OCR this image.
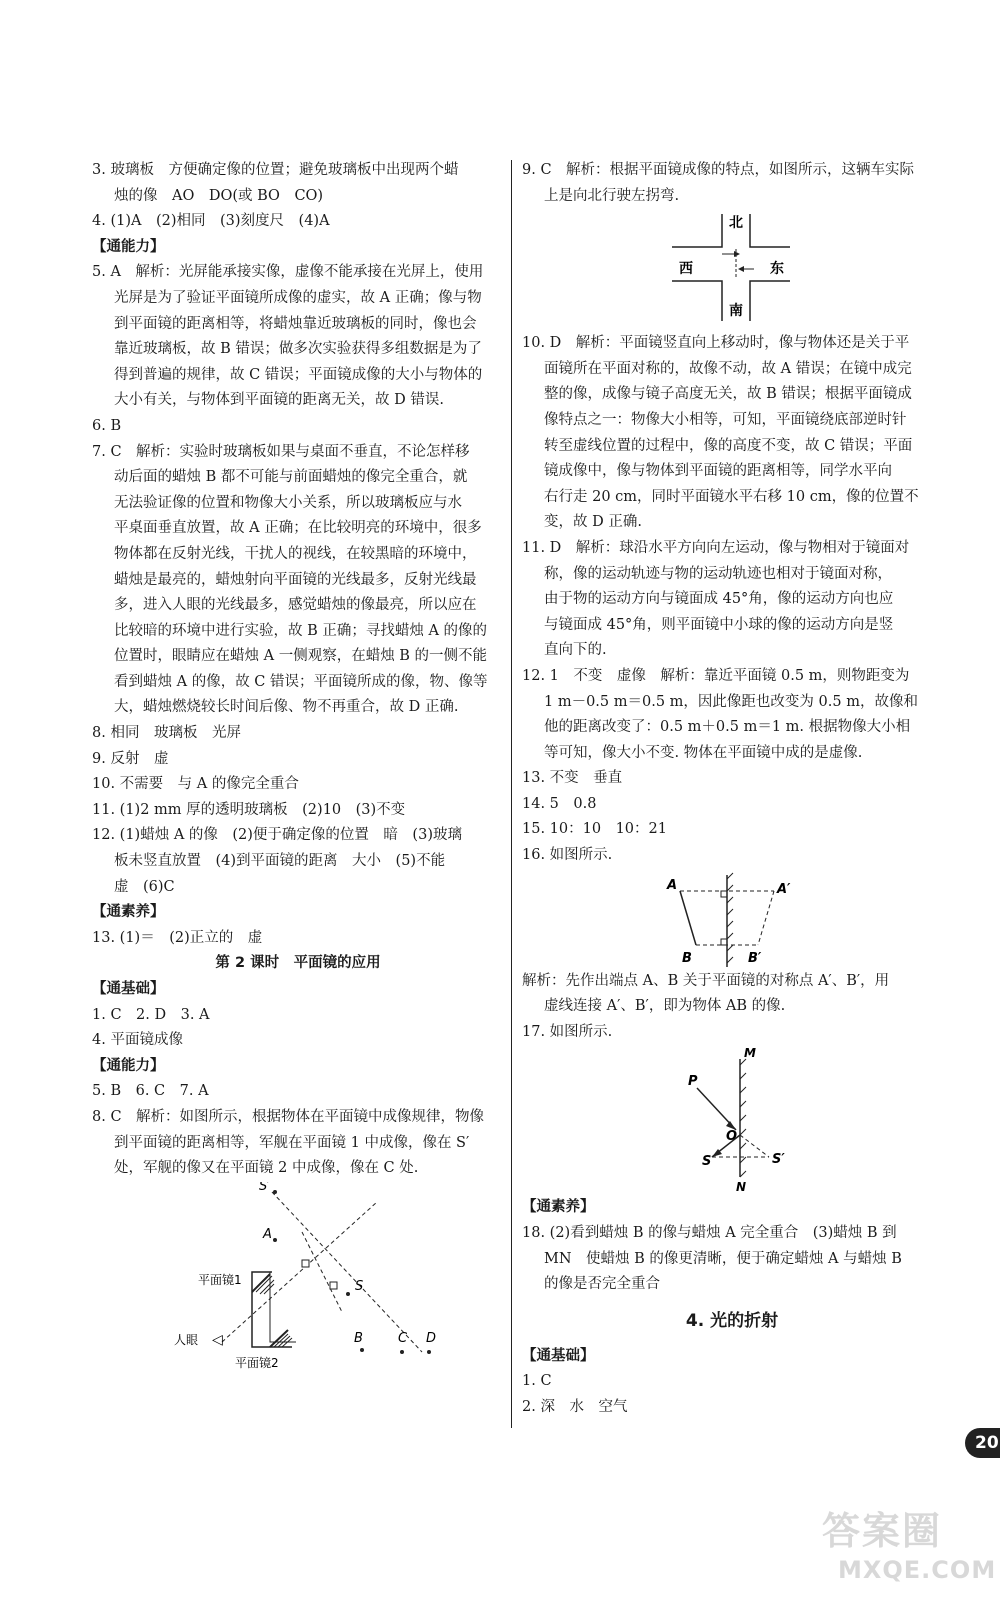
3. 玻璃板　方便确定像的位置；避免玻璃板中出现两个蜡
烛的像　AO　DO(或 BO　CO)
4. (1)A　(2)相同　(3)刻度尺　(4)A
【通能力】
5. A　解析：光屏能承接实像，虚像不能承接在光屏上，使用
光屏是为了验证平面镜所成像的虚实，故 A 正确；像与物
到平面镜的距离相等，将蜡烛靠近玻璃板的同时，像也会
靠近玻璃板，故 B 错误；做多次实验获得多组数据是为了
得到普遍的规律，故 C 错误；平面镜成像的大小与物体的
大小有关，与物体到平面镜的距离无关，故 D 错误.
6. B
7. C　解析：实验时玻璃板如果与桌面不垂直，不论怎样移
动后面的蜡烛 B 都不可能与前面蜡烛的像完全重合，就
无法验证像的位置和物像大小关系，所以玻璃板应与水
平桌面垂直放置，故 A 正确；在比较明亮的环境中，很多
物体都在反射光线，干扰人的视线，在较黑暗的环境中，
蜡烛是最亮的，蜡烛射向平面镜的光线最多，反射光线最
多，进入人眼的光线最多，感觉蜡烛的像最亮，所以应在
比较暗的环境中进行实验，故 B 正确；寻找蜡烛 A 的像的
位置时，眼睛应在蜡烛 A 一侧观察，在蜡烛 B 的一侧不能
看到蜡烛 A 的像，故 C 错误；平面镜所成的像，物、像等
大，蜡烛燃烧较长时间后像、物不再重合，故 D 正确.
8. 相同　玻璃板　光屏
9. 反射　虚
10. 不需要　与 A 的像完全重合
11. (1)2 mm 厚的透明玻璃板　(2)10　(3)不变
12. (1)蜡烛 A 的像　(2)便于确定像的位置　暗　(3)玻璃
板未竖直放置　(4)到平面镜的距离　大小　(5)不能
虚　(6)C
【通素养】
13. (1)＝　(2)正立的　虚
第 2 课时　平面镜的应用
【通基础】
1. C　2. D　3. A
4. 平面镜成像
【通能力】
5. B　6. C　7. A
8. C　解析：如图所示，根据物体在平面镜中成像规律，物像
到平面镜的距离相等，军舰在平面镜 1 中成像，像在 S′
处，军舰的像又在平面镜 2 中成像，像在 C 处.
S′
A
S
平面镜1
人眼
平面镜2
B	C D
◁
9. C　解析：根据平面镜成像的特点，如图所示，这辆车实际
上是向北行驶左拐弯.
北
西	东
南
10. D　解析：平面镜竖直向上移动时，像与物体还是关于平
面镜所在平面对称的，故像不动，故 A 错误；在镜中成完
整的像，成像与镜子高度无关，故 B 错误；根据平面镜成
像特点之一：物像大小相等，可知，平面镜绕底部逆时针
转至虚线位置的过程中，像的高度不变，故 C 错误；平面
镜成像中，像与物体到平面镜的距离相等，同学水平向
右行走 20 cm，同时平面镜水平右移 10 cm，像的位置不
变，故 D 正确.
11. D　解析：球沿水平方向向左运动，像与物相对于镜面对
称，像的运动轨迹与物的运动轨迹也相对于镜面对称，
由于物的运动方向与镜面成 45°角，像的运动方向也应
与镜面成 45°角，则平面镜中小球的像的运动方向是竖
直向下的.
12. 1　不变　虚像　解析：靠近平面镜 0.5 m，则物距变为
1 m－0.5 m＝0.5 m，因此像距也改变为 0.5 m，故像和
他的距离改变了：0.5 m＋0.5 m＝1 m. 根据物像大小相
等可知，像大小不变. 物体在平面镜中成的是虚像.
13. 不变　垂直
14. 5　0.8
15. 10：10　10：21
16. 如图所示.
A	A′
B	B′
解析：先作出端点 A、B 关于平面镜的对称点 A′、B′，用
虚线连接 A′、B′，即为物体 AB 的像.
17. 如图所示.
M
P
O
S	S′
N
【通素养】
18. (2)看到蜡烛 B 的像与蜡烛 A 完全重合　(3)蜡烛 B 到
MN　使蜡烛 B 的像更清晰，便于确定蜡烛 A 与蜡烛 B
的像是否完全重合
4. 光的折射
【通基础】
1. C
2. 深　水　空气
20
答案圈
MXQE.COM
